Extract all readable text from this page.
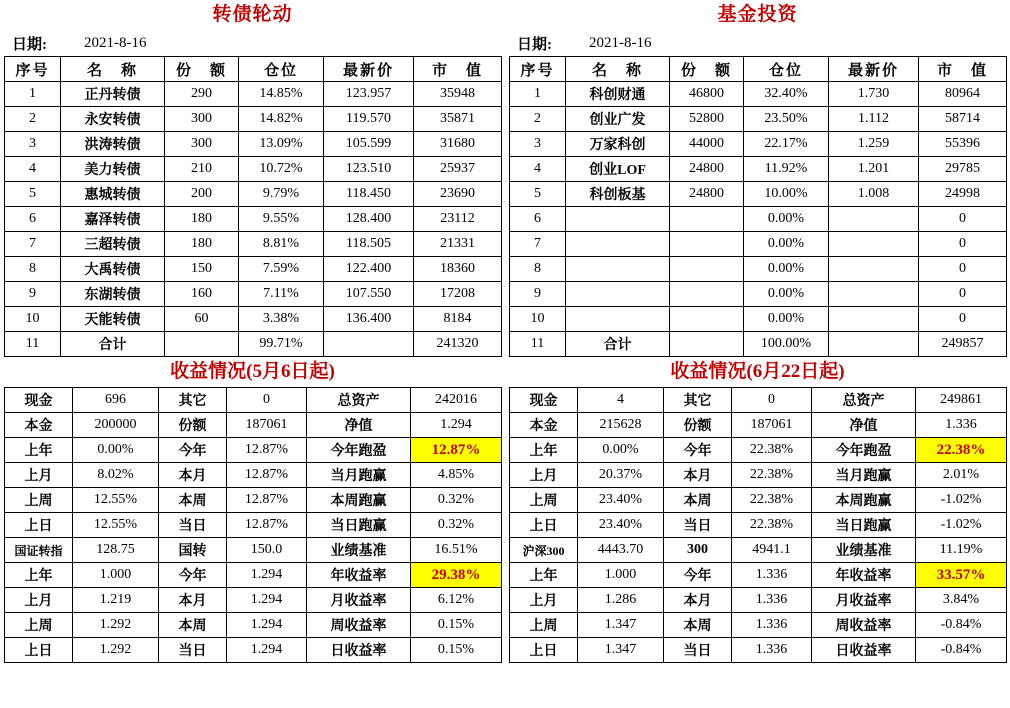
转债轮动
日期:	2021-8-16
序号	名　称	份　额	仓位	最新价	市　值
1	正丹转债	290	14.85%	123.957	35948
2	永安转债	300	14.82%	119.570	35871
3	洪涛转债	300	13.09%	105.599	31680
4	美力转债	210	10.72%	123.510	25937
5	惠城转债	200	9.79%	118.450	23690
6	嘉泽转债	180	9.55%	128.400	23112
7	三超转债	180	8.81%	118.505	21331
8	大禹转债	150	7.59%	122.400	18360
9	东湖转债	160	7.11%	107.550	17208
10	天能转债	60	3.38%	136.400	8184
11	合计		99.71%		241320
收益情况(5月6日起)
现金	696	其它	0	总资产	242016
本金	200000	份额	187061	净值	1.294
上年	0.00%	今年	12.87%	今年跑盈	12.87%
上月	8.02%	本月	12.87%	当月跑赢	4.85%
上周	12.55%	本周	12.87%	本周跑赢	0.32%
上日	12.55%	当日	12.87%	当日跑赢	0.32%
国证转指	128.75	国转	150.0	业绩基准	16.51%
上年	1.000	今年	1.294	年收益率	29.38%
上月	1.219	本月	1.294	月收益率	6.12%
上周	1.292	本周	1.294	周收益率	0.15%
上日	1.292	当日	1.294	日收益率	0.15%
基金投资
日期:	2021-8-16
序号	名　称	份　额	仓位	最新价	市　值
1	科创财通	46800	32.40%	1.730	80964
2	创业广发	52800	23.50%	1.112	58714
3	万家科创	44000	22.17%	1.259	55396
4	创业LOF	24800	11.92%	1.201	29785
5	科创板基	24800	10.00%	1.008	24998
6			0.00%		0
7			0.00%		0
8			0.00%		0
9			0.00%		0
10			0.00%		0
11	合计		100.00%		249857
收益情况(6月22日起)
现金	4	其它	0	总资产	249861
本金	215628	份额	187061	净值	1.336
上年	0.00%	今年	22.38%	今年跑盈	22.38%
上月	20.37%	本月	22.38%	当月跑赢	2.01%
上周	23.40%	本周	22.38%	本周跑赢	-1.02%
上日	23.40%	当日	22.38%	当日跑赢	-1.02%
沪深300	4443.70	300	4941.1	业绩基准	11.19%
上年	1.000	今年	1.336	年收益率	33.57%
上月	1.286	本月	1.336	月收益率	3.84%
上周	1.347	本周	1.336	周收益率	-0.84%
上日	1.347	当日	1.336	日收益率	-0.84%
